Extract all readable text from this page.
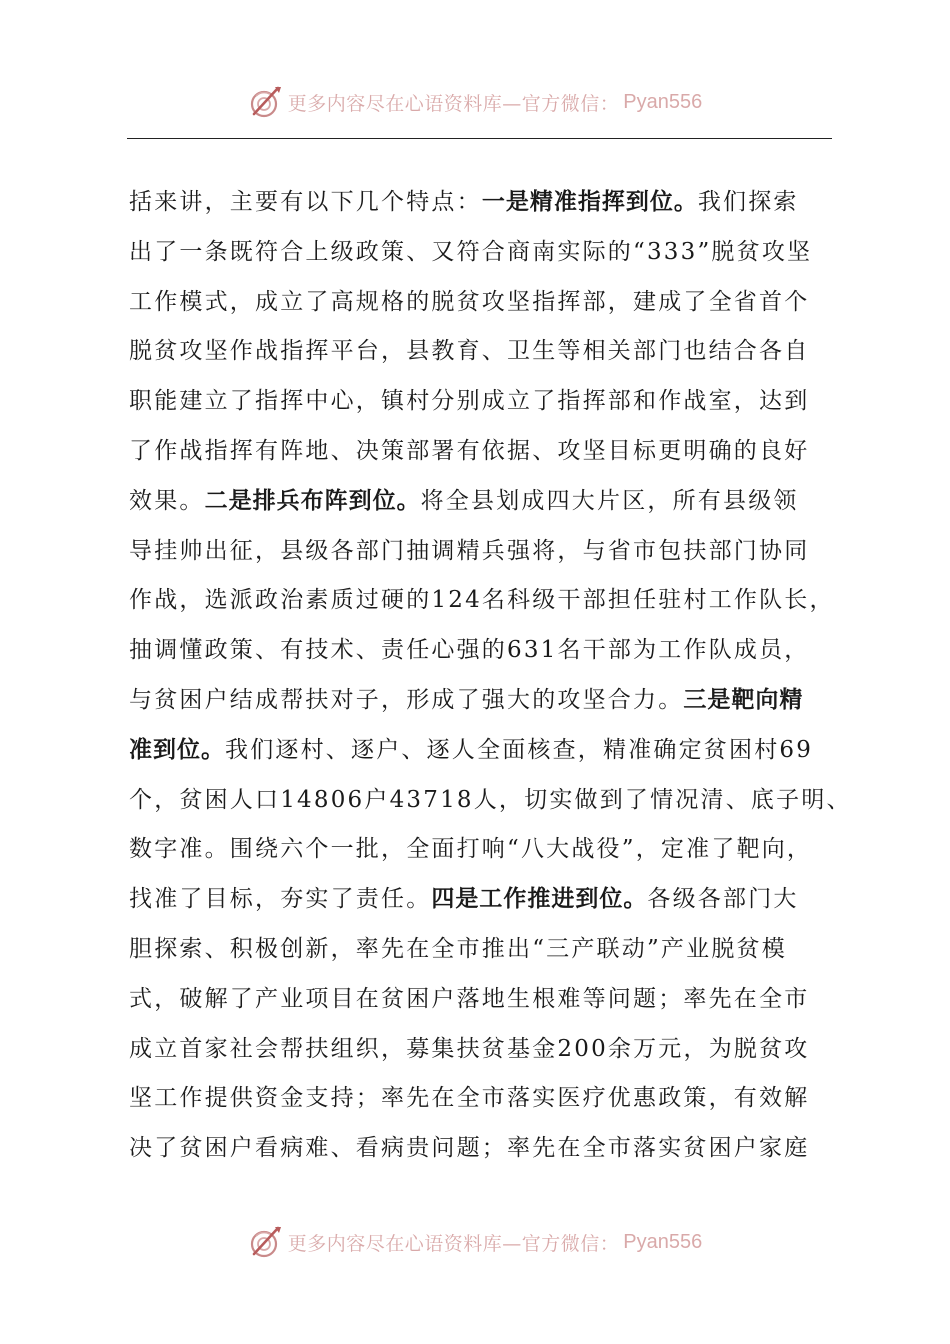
更多内容尽在心语资料库—官方微信： Pyan556
括来讲，主要有以下几个特点：一是精准指挥到位。我们探索
出了一条既符合上级政策、又符合商南实际的“333”脱贫攻坚
工作模式，成立了高规格的脱贫攻坚指挥部，建成了全省首个
脱贫攻坚作战指挥平台，县教育、卫生等相关部门也结合各自
职能建立了指挥中心，镇村分别成立了指挥部和作战室，达到
了作战指挥有阵地、决策部署有依据、攻坚目标更明确的良好
效果。二是排兵布阵到位。将全县划成四大片区，所有县级领
导挂帅出征，县级各部门抽调精兵强将，与省市包扶部门协同
作战，选派政治素质过硬的124名科级干部担任驻村工作队长，
抽调懂政策、有技术、责任心强的631名干部为工作队成员，
与贫困户结成帮扶对子，形成了强大的攻坚合力。三是靶向精
准到位。我们逐村、逐户、逐人全面核查，精准确定贫困村69
个，贫困人口14806户43718人，切实做到了情况清、底子明、
数字准。围绕六个一批，全面打响“八大战役”，定准了靶向，
找准了目标，夯实了责任。四是工作推进到位。各级各部门大
胆探索、积极创新，率先在全市推出“三产联动”产业脱贫模
式，破解了产业项目在贫困户落地生根难等问题；率先在全市
成立首家社会帮扶组织，募集扶贫基金200余万元，为脱贫攻
坚工作提供资金支持；率先在全市落实医疗优惠政策，有效解
决了贫困户看病难、看病贵问题；率先在全市落实贫困户家庭
更多内容尽在心语资料库—官方微信： Pyan556
